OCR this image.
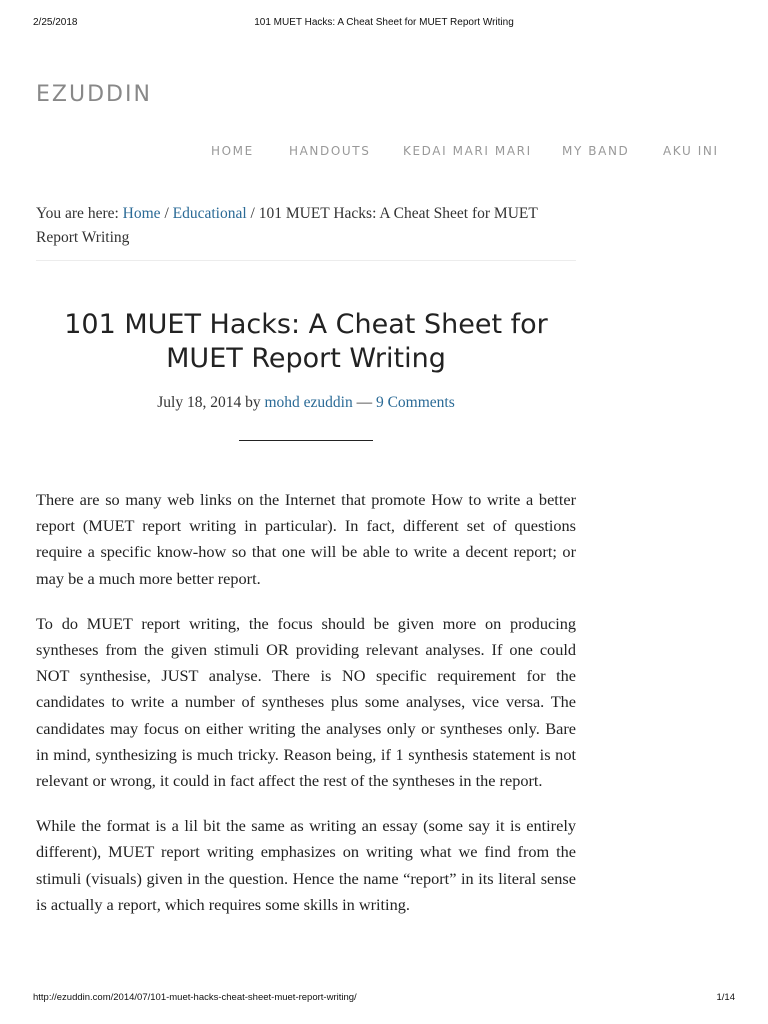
2/25/2018	101 MUET Hacks: A Cheat Sheet for MUET Report Writing
EZUDDIN
HOME	HANDOUTS	KEDAI MARI MARI	MY BAND	AKU INI
You are here: Home / Educational / 101 MUET Hacks: A Cheat Sheet for MUET Report Writing
101 MUET Hacks: A Cheat Sheet for MUET Report Writing
July 18, 2014 by mohd ezuddin — 9 Comments

There are so many web links on the Internet that promote How to write a better report (MUET report writing in particular). In fact, different set of questions require a specific know-how so that one will be able to write a decent report; or may be a much more better report.

To do MUET report writing, the focus should be given more on producing syntheses from the given stimuli OR providing relevant analyses. If one could NOT synthesise, JUST analyse. There is NO specific requirement for the candidates to write a number of syntheses plus some analyses, vice versa. The candidates may focus on either writing the analyses only or syntheses only. Bare in mind, synthesizing is much tricky. Reason being, if 1 synthesis statement is not relevant or wrong, it could in fact affect the rest of the syntheses in the report.

While the format is a lil bit the same as writing an essay (some say it is entirely different), MUET report writing emphasizes on writing what we find from the stimuli (visuals) given in the question. Hence the name “report” in its literal sense is actually a report, which requires some skills in writing.

http://ezuddin.com/2014/07/101-muet-hacks-cheat-sheet-muet-report-writing/	1/14
